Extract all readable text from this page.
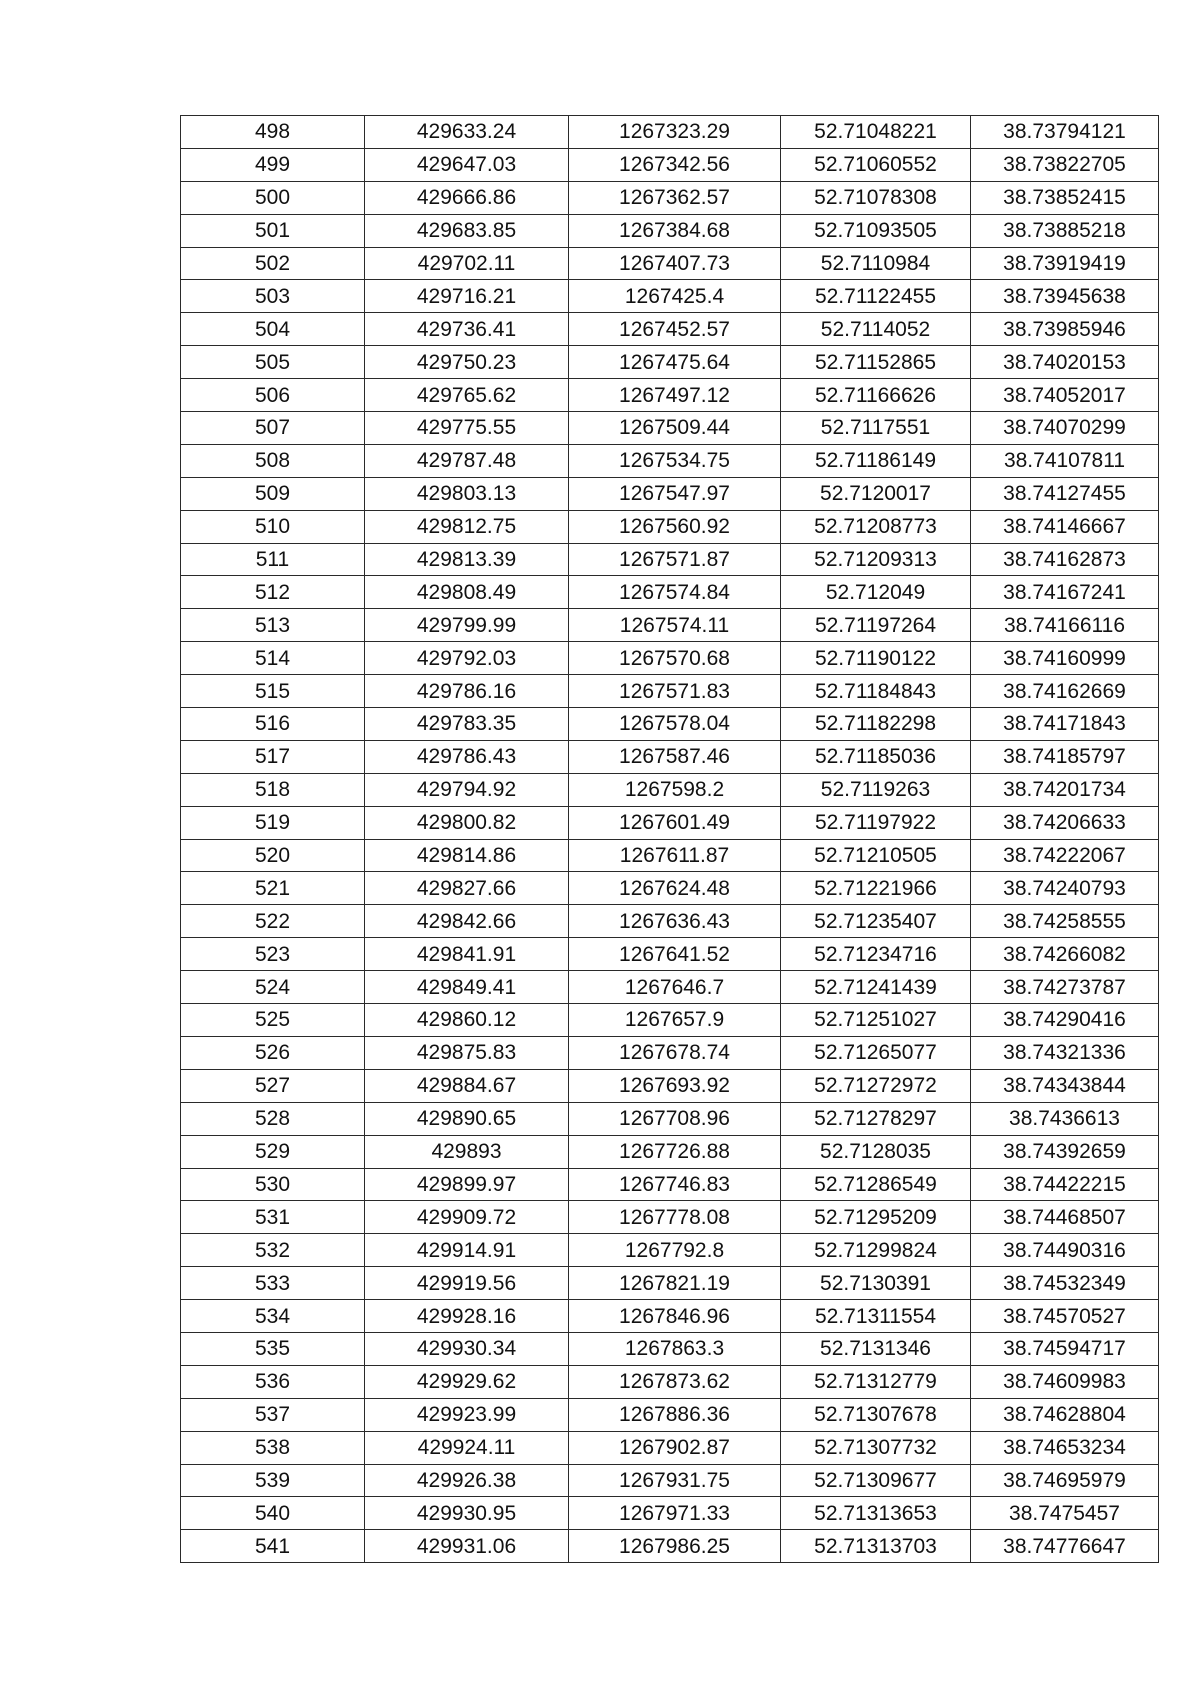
498	429633.24	1267323.29	52.71048221	38.73794121
499	429647.03	1267342.56	52.71060552	38.73822705
500	429666.86	1267362.57	52.71078308	38.73852415
501	429683.85	1267384.68	52.71093505	38.73885218
502	429702.11	1267407.73	52.7110984	38.73919419
503	429716.21	1267425.4	52.71122455	38.73945638
504	429736.41	1267452.57	52.7114052	38.73985946
505	429750.23	1267475.64	52.71152865	38.74020153
506	429765.62	1267497.12	52.71166626	38.74052017
507	429775.55	1267509.44	52.7117551	38.74070299
508	429787.48	1267534.75	52.71186149	38.74107811
509	429803.13	1267547.97	52.7120017	38.74127455
510	429812.75	1267560.92	52.71208773	38.74146667
511	429813.39	1267571.87	52.71209313	38.74162873
512	429808.49	1267574.84	52.712049	38.74167241
513	429799.99	1267574.11	52.71197264	38.74166116
514	429792.03	1267570.68	52.71190122	38.74160999
515	429786.16	1267571.83	52.71184843	38.74162669
516	429783.35	1267578.04	52.71182298	38.74171843
517	429786.43	1267587.46	52.71185036	38.74185797
518	429794.92	1267598.2	52.7119263	38.74201734
519	429800.82	1267601.49	52.71197922	38.74206633
520	429814.86	1267611.87	52.71210505	38.74222067
521	429827.66	1267624.48	52.71221966	38.74240793
522	429842.66	1267636.43	52.71235407	38.74258555
523	429841.91	1267641.52	52.71234716	38.74266082
524	429849.41	1267646.7	52.71241439	38.74273787
525	429860.12	1267657.9	52.71251027	38.74290416
526	429875.83	1267678.74	52.71265077	38.74321336
527	429884.67	1267693.92	52.71272972	38.74343844
528	429890.65	1267708.96	52.71278297	38.7436613
529	429893	1267726.88	52.7128035	38.74392659
530	429899.97	1267746.83	52.71286549	38.74422215
531	429909.72	1267778.08	52.71295209	38.74468507
532	429914.91	1267792.8	52.71299824	38.74490316
533	429919.56	1267821.19	52.7130391	38.74532349
534	429928.16	1267846.96	52.71311554	38.74570527
535	429930.34	1267863.3	52.7131346	38.74594717
536	429929.62	1267873.62	52.71312779	38.74609983
537	429923.99	1267886.36	52.71307678	38.74628804
538	429924.11	1267902.87	52.71307732	38.74653234
539	429926.38	1267931.75	52.71309677	38.74695979
540	429930.95	1267971.33	52.71313653	38.7475457
541	429931.06	1267986.25	52.71313703	38.74776647
